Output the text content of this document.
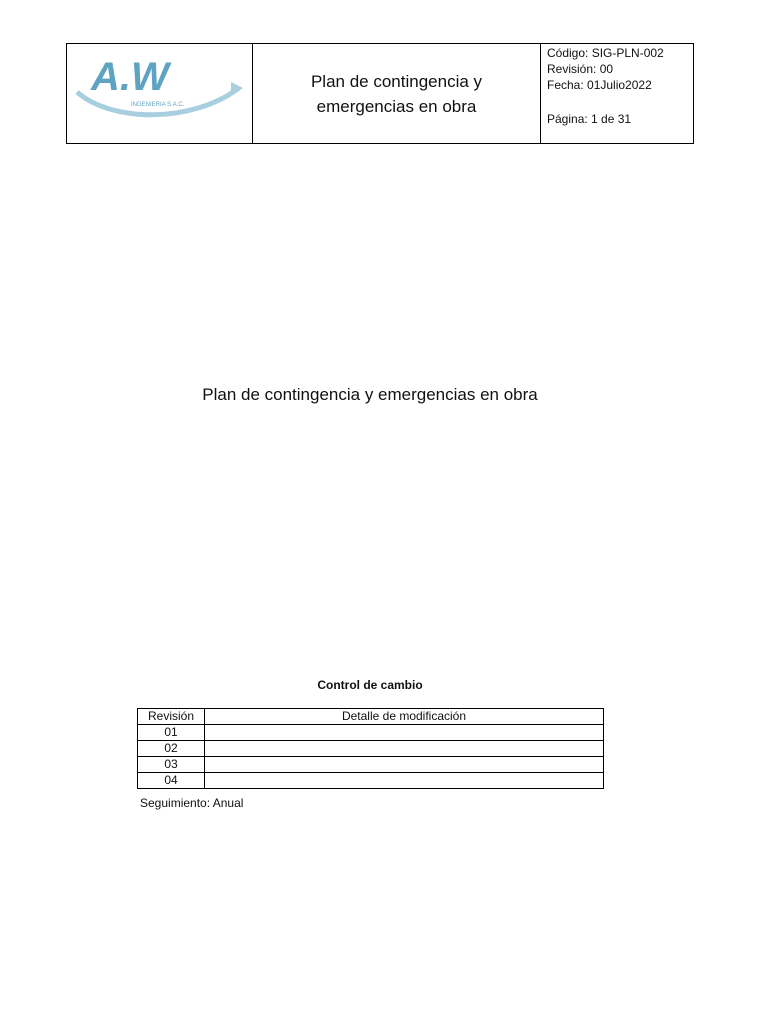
A.W
INGENIERIA S.A.C.

Plan de contingencia y
emergencias en obra

Código: SIG-PLN-002
Revisión: 00
Fecha: 01Julio2022
Página: 1 de 31
Plan de contingencia y emergencias en obra
Control de cambio
Revisión	Detalle de modificación
01	
02	
03	
04	
Seguimiento: Anual
